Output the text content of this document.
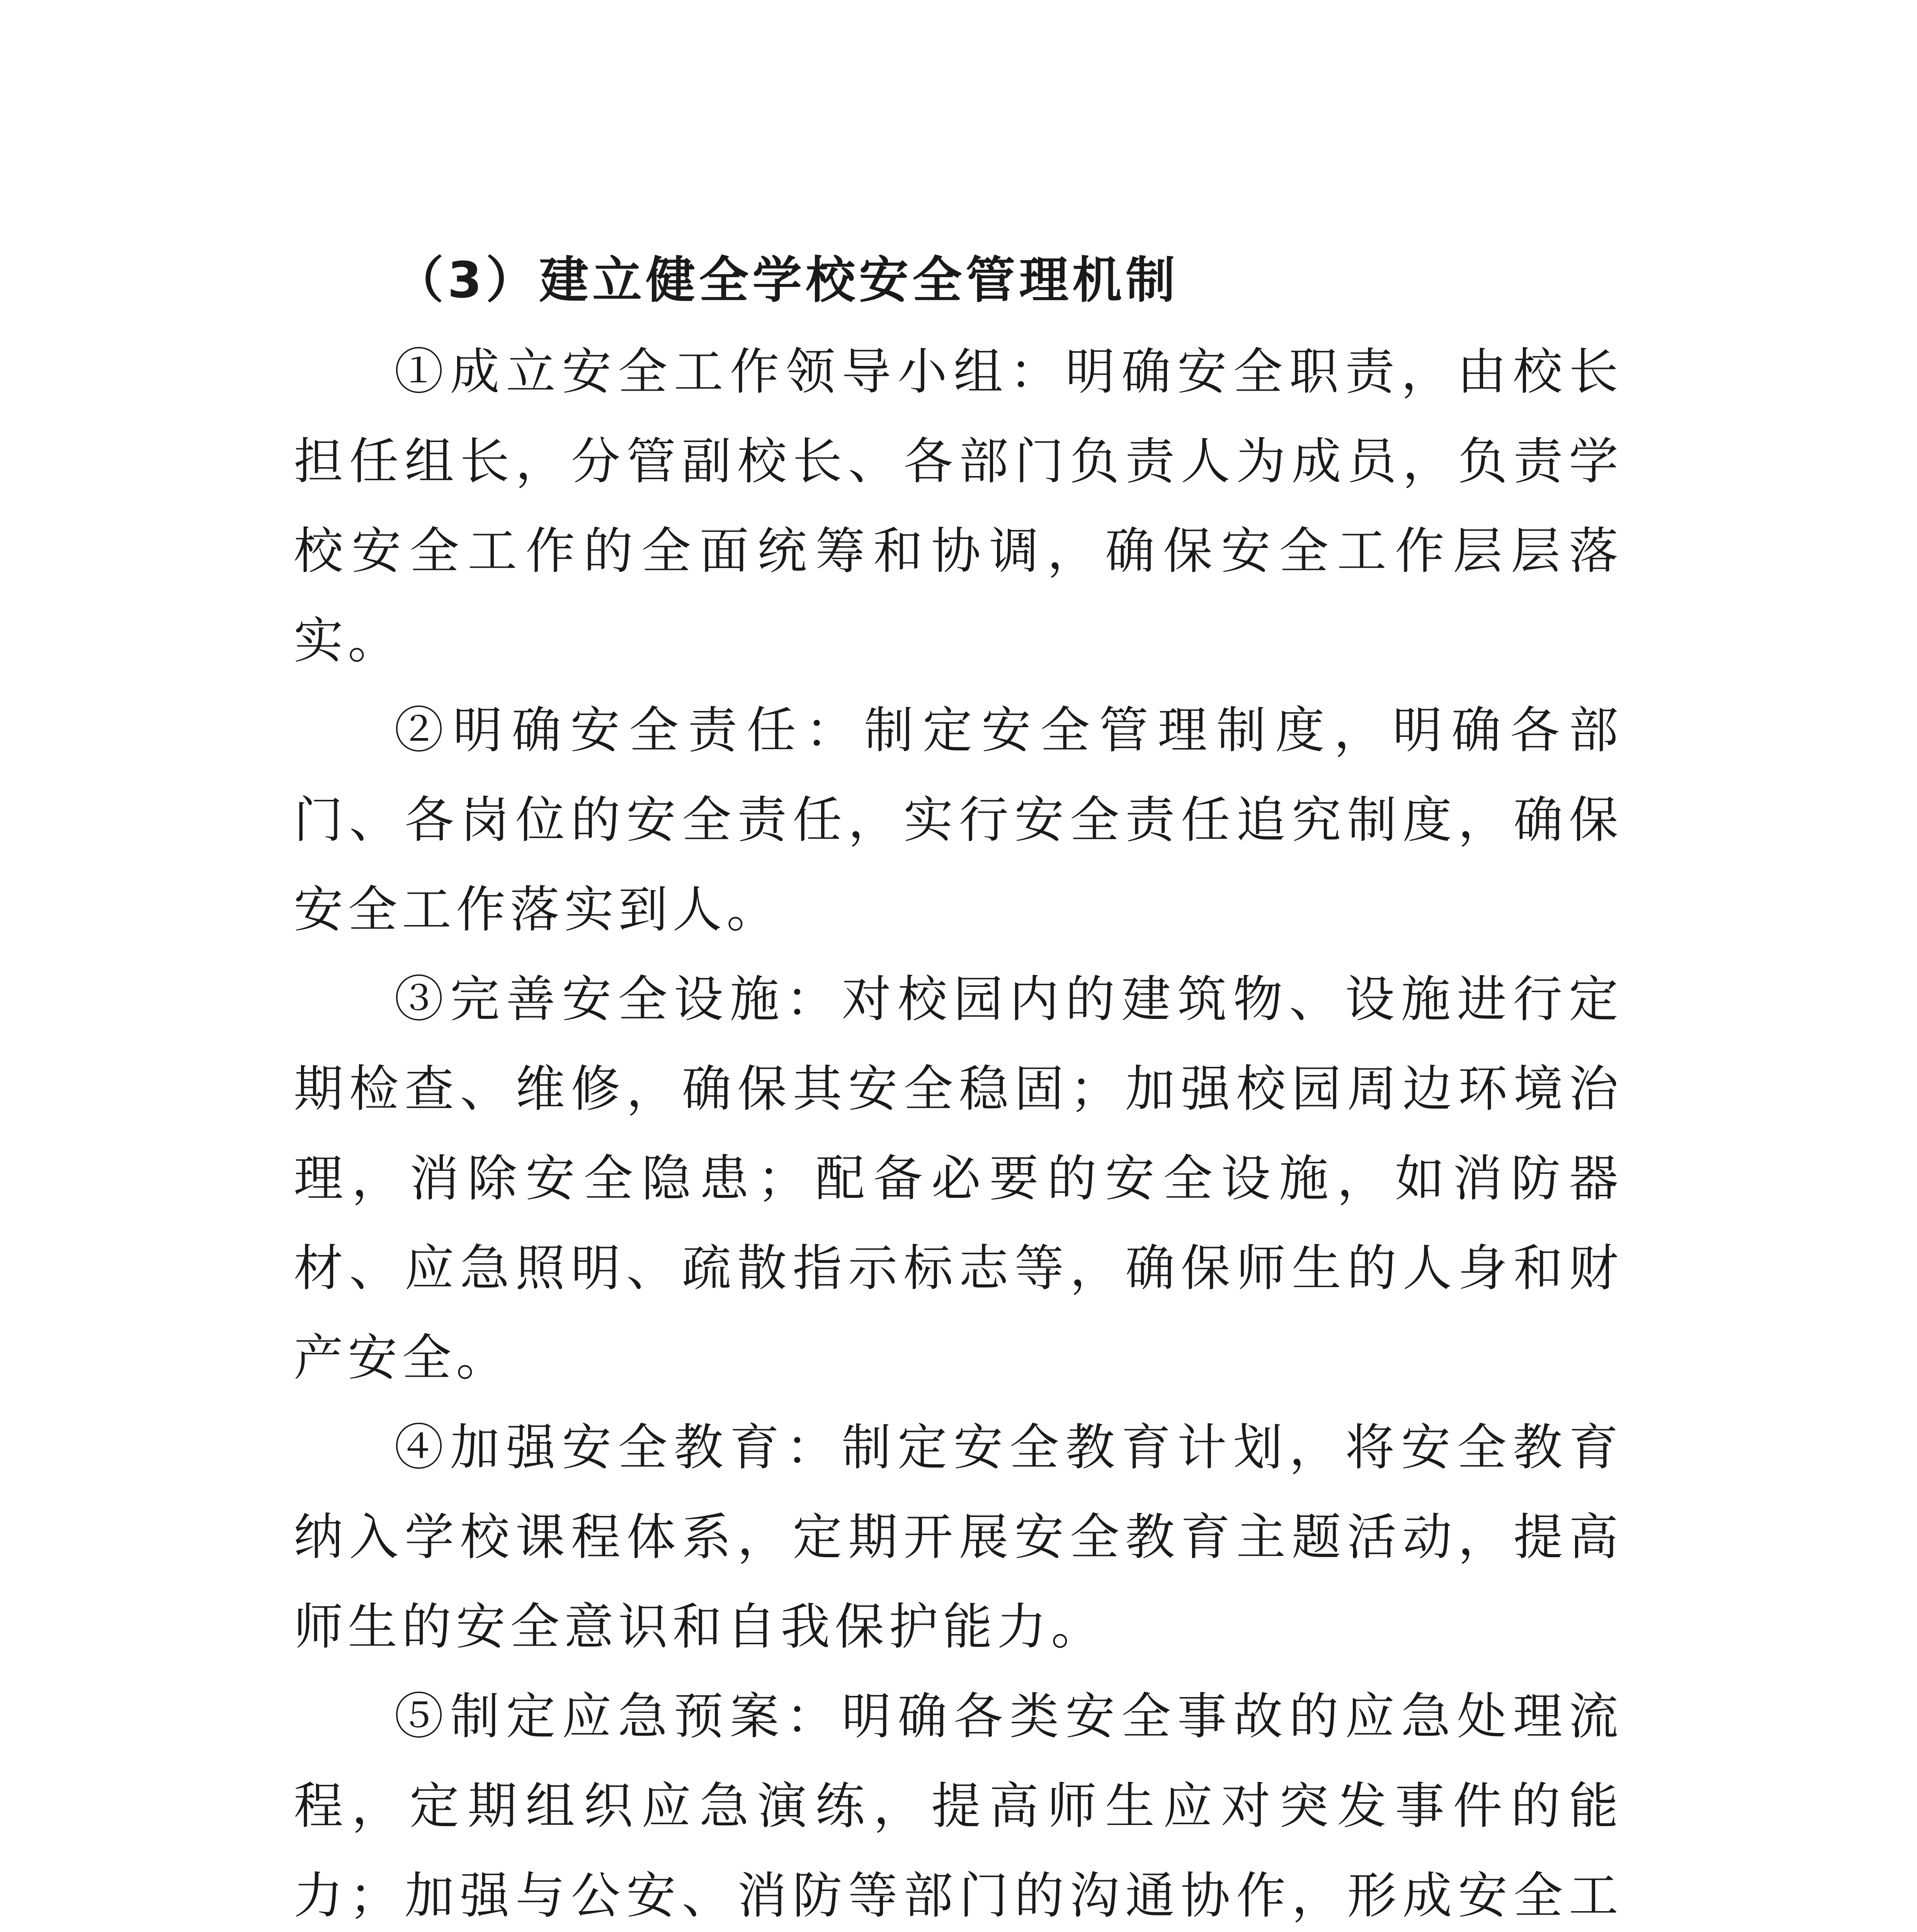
（3）建立健全学校安全管理机制

①成立安全工作领导小组：明确安全职责，由校长担任组长，分管副校长、各部门负责人为成员，负责学校安全工作的全面统筹和协调，确保安全工作层层落实。

②明确安全责任：制定安全管理制度，明确各部门、各岗位的安全责任，实行安全责任追究制度，确保安全工作落实到人。

③完善安全设施：对校园内的建筑物、设施进行定期检查、维修，确保其安全稳固；加强校园周边环境治理，消除安全隐患；配备必要的安全设施，如消防器材、应急照明、疏散指示标志等，确保师生的人身和财产安全。

④加强安全教育：制定安全教育计划，将安全教育纳入学校课程体系，定期开展安全教育主题活动，提高师生的安全意识和自我保护能力。

⑤制定应急预案：明确各类安全事故的应急处理流程，定期组织应急演练，提高师生应对突发事件的能力；加强与公安、消防等部门的沟通协作，形成安全工
